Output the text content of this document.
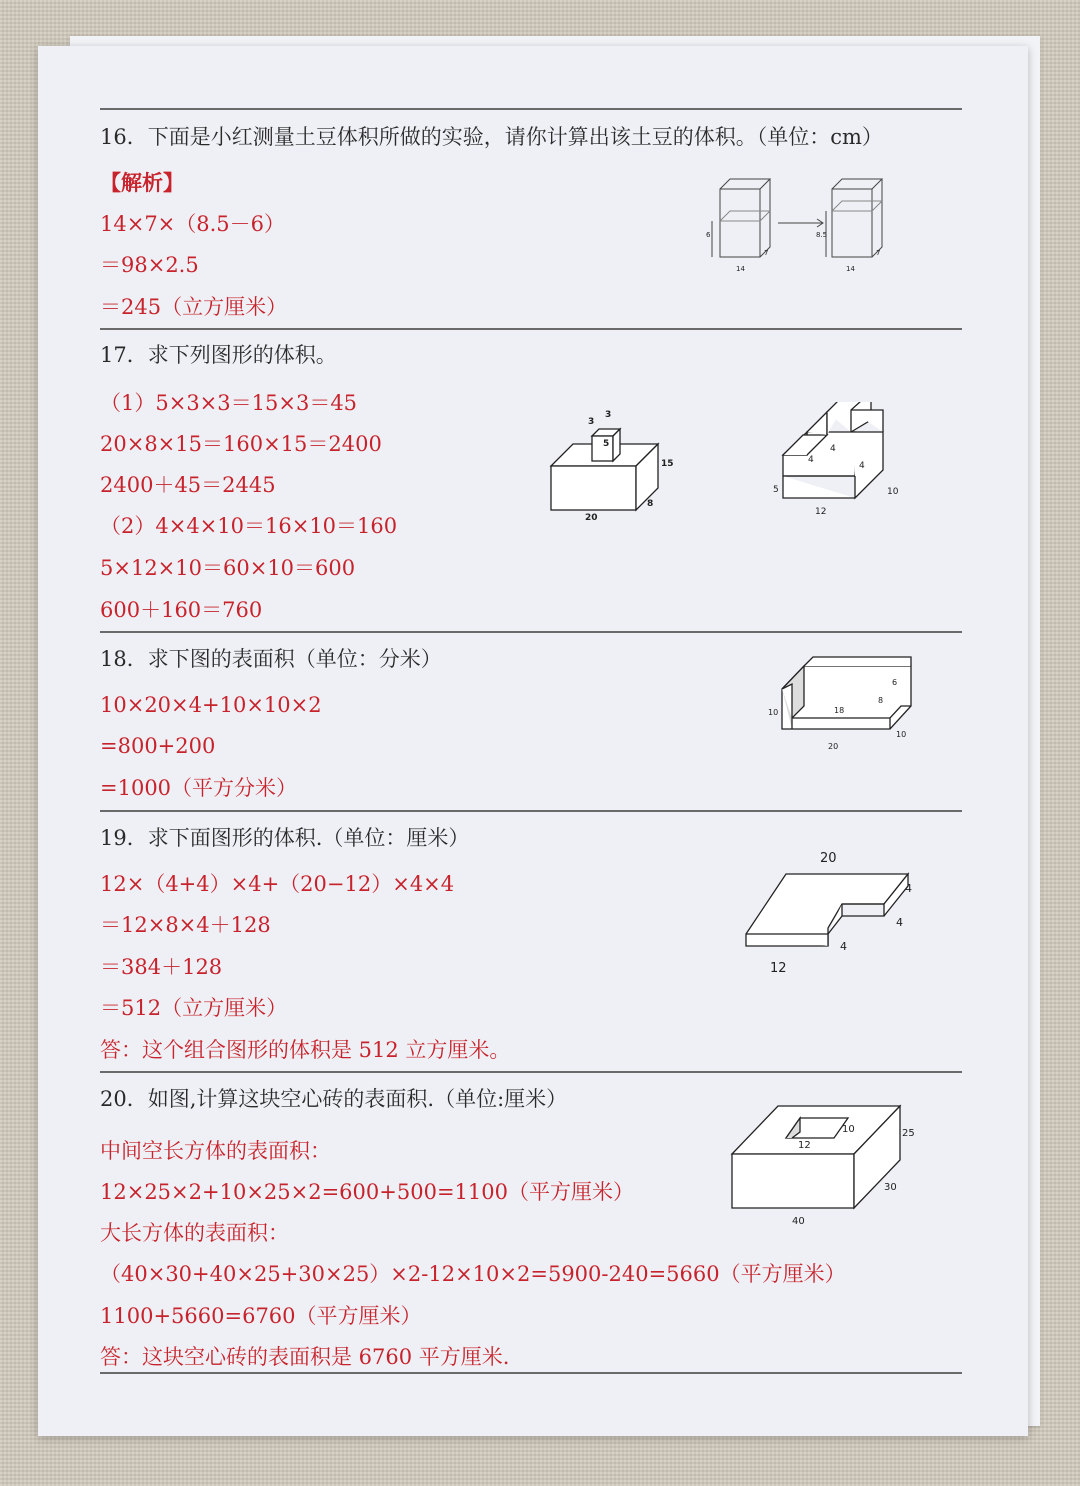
16．下面是小红测量土豆体积所做的实验，请你计算出该土豆的体积。（单位：cm）
【解析】
14×7×（8.5－6）
＝98×2.5
＝245（立方厘米）
6
14
7
8.5
14
7
17．求下列图形的体积。
（1）5×3×3＝15×3＝45
20×8×15＝160×15＝2400
2400＋45＝2445
（2）4×4×10＝16×10＝160
5×12×10＝60×10＝600
600＋160＝760
3
3
5
15
20
8
4
4
4
5
12
10
18．求下图的表面积（单位：分米）
10×20×4+10×10×2
=800+200
=1000（平方分米）
10	18
20
10
6
8
19．求下面图形的体积.（单位：厘米）
12×（4+4）×4+（20−12）×4×4
＝12×8×4＋128
＝384＋128
＝512（立方厘米）
答：这个组合图形的体积是 512 立方厘米。
20
4
4
4
12
20．如图,计算这块空心砖的表面积.（单位:厘米）
中间空长方体的表面积：
12×25×2+10×25×2=600+500=1100（平方厘米）
大长方体的表面积：
（40×30+40×25+30×25）×2-12×10×2=5900-240=5660（平方厘米）
1100+5660=6760（平方厘米）
答：这块空心砖的表面积是 6760 平方厘米.
12
10	25
30
40
